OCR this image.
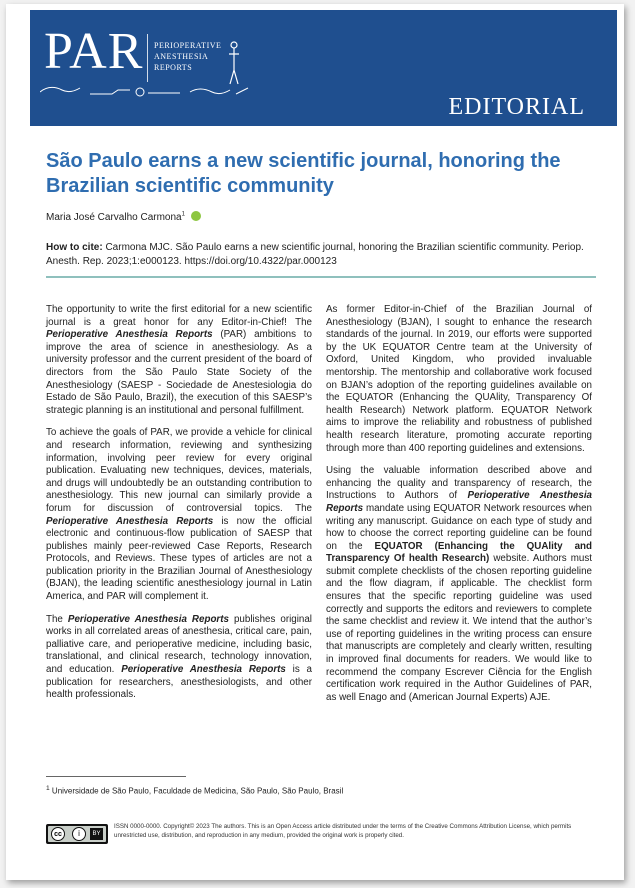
PAR PERIOPERATIVE
ANESTHESIA
REPORTS
EDITORIAL
São Paulo earns a new scientific journal, honoring the Brazilian scientific community
Maria José Carvalho Carmona$^1$
How to cite: Carmona MJC. São Paulo earns a new scientific journal, honoring the Brazilian scientific community. Periop. Anesth. Rep. 2023;1:e000123. https://doi.org/10.4322/par.000123

The opportunity to write the first editorial for a new scientific journal is a great honor for any Editor-in-Chief! The Perioperative Anesthesia Reports (PAR) ambitions to improve the area of science in anesthesiology. As a university professor and the current president of the board of directors from the São Paulo State Society of the Anesthesiology (SAESP - Sociedade de Anestesiologia do Estado de São Paulo, Brazil), the execution of this SAESP’s strategic planning is an institutional and personal fulfillment.

To achieve the goals of PAR, we provide a vehicle for clinical and research information, reviewing and synthesizing information, involving peer review for every original publication. Evaluating new techniques, devices, materials, and drugs will undoubtedly be an outstanding contribution to anesthesiology. This new journal can similarly provide a forum for discussion of controversial topics. The Perioperative Anesthesia Reports is now the official electronic and continuous-flow publication of SAESP that publishes mainly peer-reviewed Case Reports, Research Protocols, and Reviews. These types of articles are not a publication priority in the Brazilian Journal of Anesthesiology (BJAN), the leading scientific anesthesiology journal in Latin America, and PAR will complement it.

The Perioperative Anesthesia Reports publishes original works in all correlated areas of anesthesia, critical care, pain, palliative care, and perioperative medicine, including basic, translational, and clinical research, technology innovation, and education. Perioperative Anesthesia Reports is a publication for researchers, anesthesiologists, and other health professionals.

As former Editor-in-Chief of the Brazilian Journal of Anesthesiology (BJAN), I sought to enhance the research standards of the journal. In 2019, our efforts were supported by the UK EQUATOR Centre team at the University of Oxford, United Kingdom, who provided invaluable mentorship. The mentorship and collaborative work focused on BJAN’s adoption of the reporting guidelines available on the EQUATOR (Enhancing the QUAlity, Transparency Of health Research) Network platform. EQUATOR Network aims to improve the reliability and robustness of published health research literature, promoting accurate reporting through more than 400 reporting guidelines and extensions.

Using the valuable information described above and enhancing the quality and transparency of research, the Instructions to Authors of Perioperative Anesthesia Reports mandate using EQUATOR Network resources when writing any manuscript. Guidance on each type of study and how to choose the correct reporting guideline can be found on the EQUATOR (Enhancing the QUAlity and Transparency Of health Research) website. Authors must submit complete checklists of the chosen reporting guideline and the flow diagram, if applicable. The checklist form ensures that the specific reporting guideline was used correctly and supports the editors and reviewers to complete the same checklist and review it. We intend that the author’s use of reporting guidelines in the writing process can ensure that manuscripts are completely and clearly written, resulting in improved final documents for readers. We would like to recommend the company Escrever Ciência for the English certification work required in the Author Guidelines of PAR, as well Enago and (American Journal Experts) AJE.

$^1$ Universidade de São Paulo, Faculdade de Medicina, São Paulo, São Paulo, Brasil
cc	i	BY
ISSN 0000-0000. Copyright© 2023 The authors. This is an Open Access article distributed under the terms of the Creative Commons Attribution License, which permits unrestricted use, distribution, and reproduction in any medium, provided the original work is properly cited.
